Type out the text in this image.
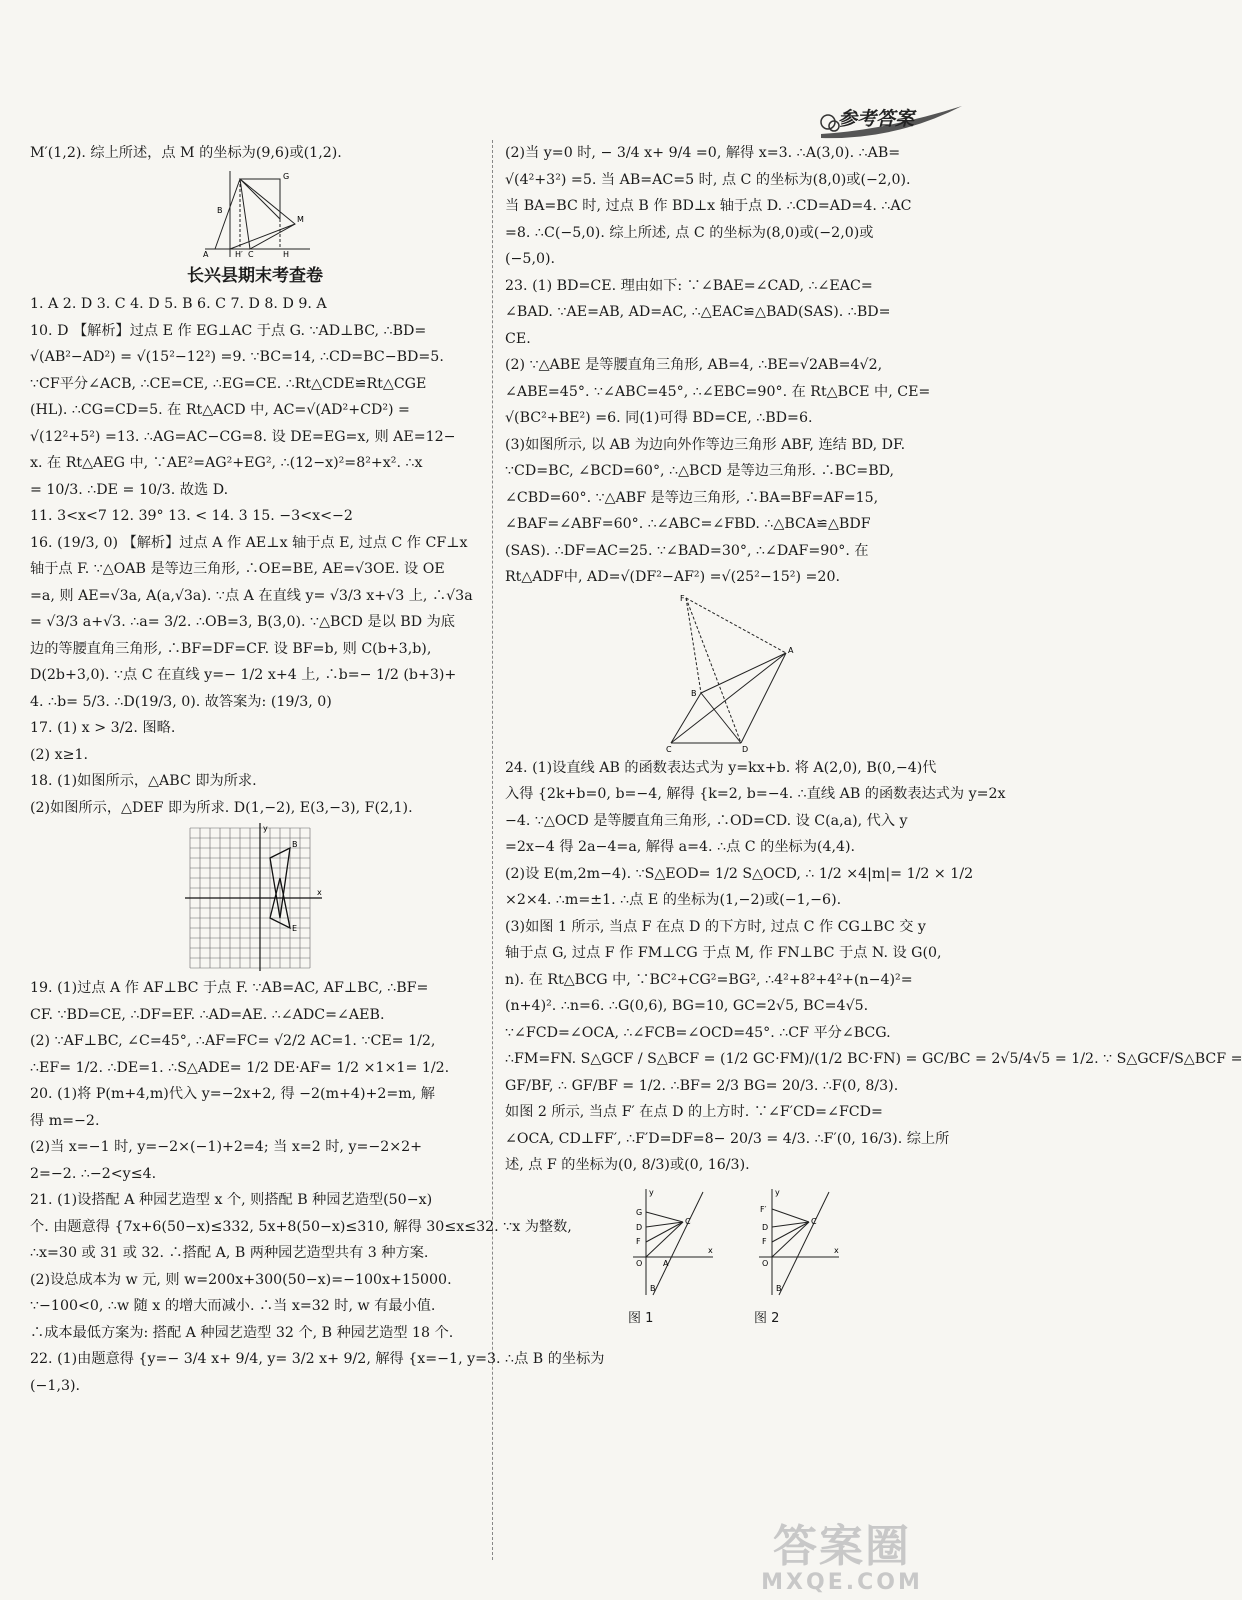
参考答案
M′(1,2). 综上所述，点 M 的坐标为(9,6)或(1,2).
A	H′ C	H
M
G
B
长兴县期末考查卷
1. A 2. D 3. C 4. D 5. B 6. C 7. D 8. D 9. A
10. D 【解析】过点 E 作 EG⊥AC 于点 G. ∵AD⊥BC, ∴BD=
√(AB²−AD²) = √(15²−12²) =9. ∵BC=14, ∴CD=BC−BD=5.
∵CF平分∠ACB, ∴CE=CE, ∴EG=CE. ∴Rt△CDE≌Rt△CGE
(HL). ∴CG=CD=5. 在 Rt△ACD 中, AC=√(AD²+CD²) =
√(12²+5²) =13. ∴AG=AC−CG=8. 设 DE=EG=x, 则 AE=12−
x. 在 Rt△AEG 中, ∵AE²=AG²+EG², ∴(12−x)²=8²+x². ∴x
= 10/3. ∴DE = 10/3. 故选 D.
11. 3<x<7 12. 39° 13. < 14. 3 15. −3<x<−2
16. (19/3, 0) 【解析】过点 A 作 AE⊥x 轴于点 E, 过点 C 作 CF⊥x
轴于点 F. ∵△OAB 是等边三角形, ∴OE=BE, AE=√3OE. 设 OE
=a, 则 AE=√3a, A(a,√3a). ∵点 A 在直线 y= √3/3 x+√3 上, ∴√3a
= √3/3 a+√3. ∴a= 3/2. ∴OB=3, B(3,0). ∵△BCD 是以 BD 为底
边的等腰直角三角形, ∴BF=DF=CF. 设 BF=b, 则 C(b+3,b),
D(2b+3,0). ∵点 C 在直线 y=− 1/2 x+4 上, ∴b=− 1/2 (b+3)+
4. ∴b= 5/3. ∴D(19/3, 0). 故答案为: (19/3, 0)
17. (1) x > 3/2. 图略.
(2) x≥1.
18. (1)如图所示，△ABC 即为所求.
(2)如图所示，△DEF 即为所求. D(1,−2), E(3,−3), F(2,1).
B
E
x
y
19. (1)过点 A 作 AF⊥BC 于点 F. ∵AB=AC, AF⊥BC, ∴BF=
CF. ∵BD=CE, ∴DF=EF. ∴AD=AE. ∴∠ADC=∠AEB.
(2) ∵AF⊥BC, ∠C=45°, ∴AF=FC= √2/2 AC=1. ∵CE= 1/2,
∴EF= 1/2. ∴DE=1. ∴S△ADE= 1/2 DE·AF= 1/2 ×1×1= 1/2.
20. (1)将 P(m+4,m)代入 y=−2x+2, 得 −2(m+4)+2=m, 解
得 m=−2.
(2)当 x=−1 时, y=−2×(−1)+2=4; 当 x=2 时, y=−2×2+
2=−2. ∴−2<y≤4.
21. (1)设搭配 A 种园艺造型 x 个, 则搭配 B 种园艺造型(50−x)
个. 由题意得 {7x+6(50−x)≤332, 5x+8(50−x)≤310, 解得 30≤x≤32. ∵x 为整数,
∴x=30 或 31 或 32. ∴搭配 A, B 两种园艺造型共有 3 种方案.
(2)设总成本为 w 元, 则 w=200x+300(50−x)=−100x+15000.
∵−100<0, ∴w 随 x 的增大而减小. ∴当 x=32 时, w 有最小值.
∴成本最低方案为: 搭配 A 种园艺造型 32 个, B 种园艺造型 18 个.
22. (1)由题意得 {y=− 3/4 x+ 9/4, y= 3/2 x+ 9/2, 解得 {x=−1, y=3. ∴点 B 的坐标为
(−1,3).
(2)当 y=0 时, − 3/4 x+ 9/4 =0, 解得 x=3. ∴A(3,0). ∴AB=
√(4²+3²) =5. 当 AB=AC=5 时, 点 C 的坐标为(8,0)或(−2,0).
当 BA=BC 时, 过点 B 作 BD⊥x 轴于点 D. ∴CD=AD=4. ∴AC
=8. ∴C(−5,0). 综上所述, 点 C 的坐标为(8,0)或(−2,0)或
(−5,0).
23. (1) BD=CE. 理由如下: ∵∠BAE=∠CAD, ∴∠EAC=
∠BAD. ∵AE=AB, AD=AC, ∴△EAC≌△BAD(SAS). ∴BD=
CE.
(2) ∵△ABE 是等腰直角三角形, AB=4, ∴BE=√2AB=4√2,
∠ABE=45°. ∵∠ABC=45°, ∴∠EBC=90°. 在 Rt△BCE 中, CE=
√(BC²+BE²) =6. 同(1)可得 BD=CE, ∴BD=6.
(3)如图所示, 以 AB 为边向外作等边三角形 ABF, 连结 BD, DF.
∵CD=BC, ∠BCD=60°, ∴△BCD 是等边三角形. ∴BC=BD,
∠CBD=60°. ∵△ABF 是等边三角形, ∴BA=BF=AF=15,
∠BAF=∠ABF=60°. ∴∠ABC=∠FBD. ∴△BCA≌△BDF
(SAS). ∴DF=AC=25. ∵∠BAD=30°, ∴∠DAF=90°. 在
Rt△ADF中, AD=√(DF²−AF²) =√(25²−15²) =20.
F
A
B
C	D
24. (1)设直线 AB 的函数表达式为 y=kx+b. 将 A(2,0), B(0,−4)代
入得 {2k+b=0, b=−4, 解得 {k=2, b=−4. ∴直线 AB 的函数表达式为 y=2x
−4. ∵△OCD 是等腰直角三角形, ∴OD=CD. 设 C(a,a), 代入 y
=2x−4 得 2a−4=a, 解得 a=4. ∴点 C 的坐标为(4,4).
(2)设 E(m,2m−4). ∵S△EOD= 1/2 S△OCD, ∴ 1/2 ×4|m|= 1/2 × 1/2
×2×4. ∴m=±1. ∴点 E 的坐标为(1,−2)或(−1,−6).
(3)如图 1 所示, 当点 F 在点 D 的下方时, 过点 C 作 CG⊥BC 交 y
轴于点 G, 过点 F 作 FM⊥CG 于点 M, 作 FN⊥BC 于点 N. 设 G(0,
n). 在 Rt△BCG 中, ∵BC²+CG²=BG², ∴4²+8²+4²+(n−4)²=
(n+4)². ∴n=6. ∴G(0,6), BG=10, GC=2√5, BC=4√5.
∵∠FCD=∠OCA, ∴∠FCB=∠OCD=45°. ∴CF 平分∠BCG.
∴FM=FN. S△GCF / S△BCF = (1/2 GC·FM)/(1/2 BC·FN) = GC/BC = 2√5/4√5 = 1/2. ∵ S△GCF/S△BCF =
GF/BF, ∴ GF/BF = 1/2. ∴BF= 2/3 BG= 20/3. ∴F(0, 8/3).
如图 2 所示, 当点 F′ 在点 D 的上方时. ∵∠F′CD=∠FCD=
∠OCA, CD⊥FF′, ∴F′D=DF=8− 20/3 = 4/3. ∴F′(0, 16/3). 综上所
述, 点 F 的坐标为(0, 8/3)或(0, 16/3).
G
D
F
C
O	A
B
x
y
图 1
F′
D
F
C
O
B
x
y
图 2
答案圈
MXQE.COM
